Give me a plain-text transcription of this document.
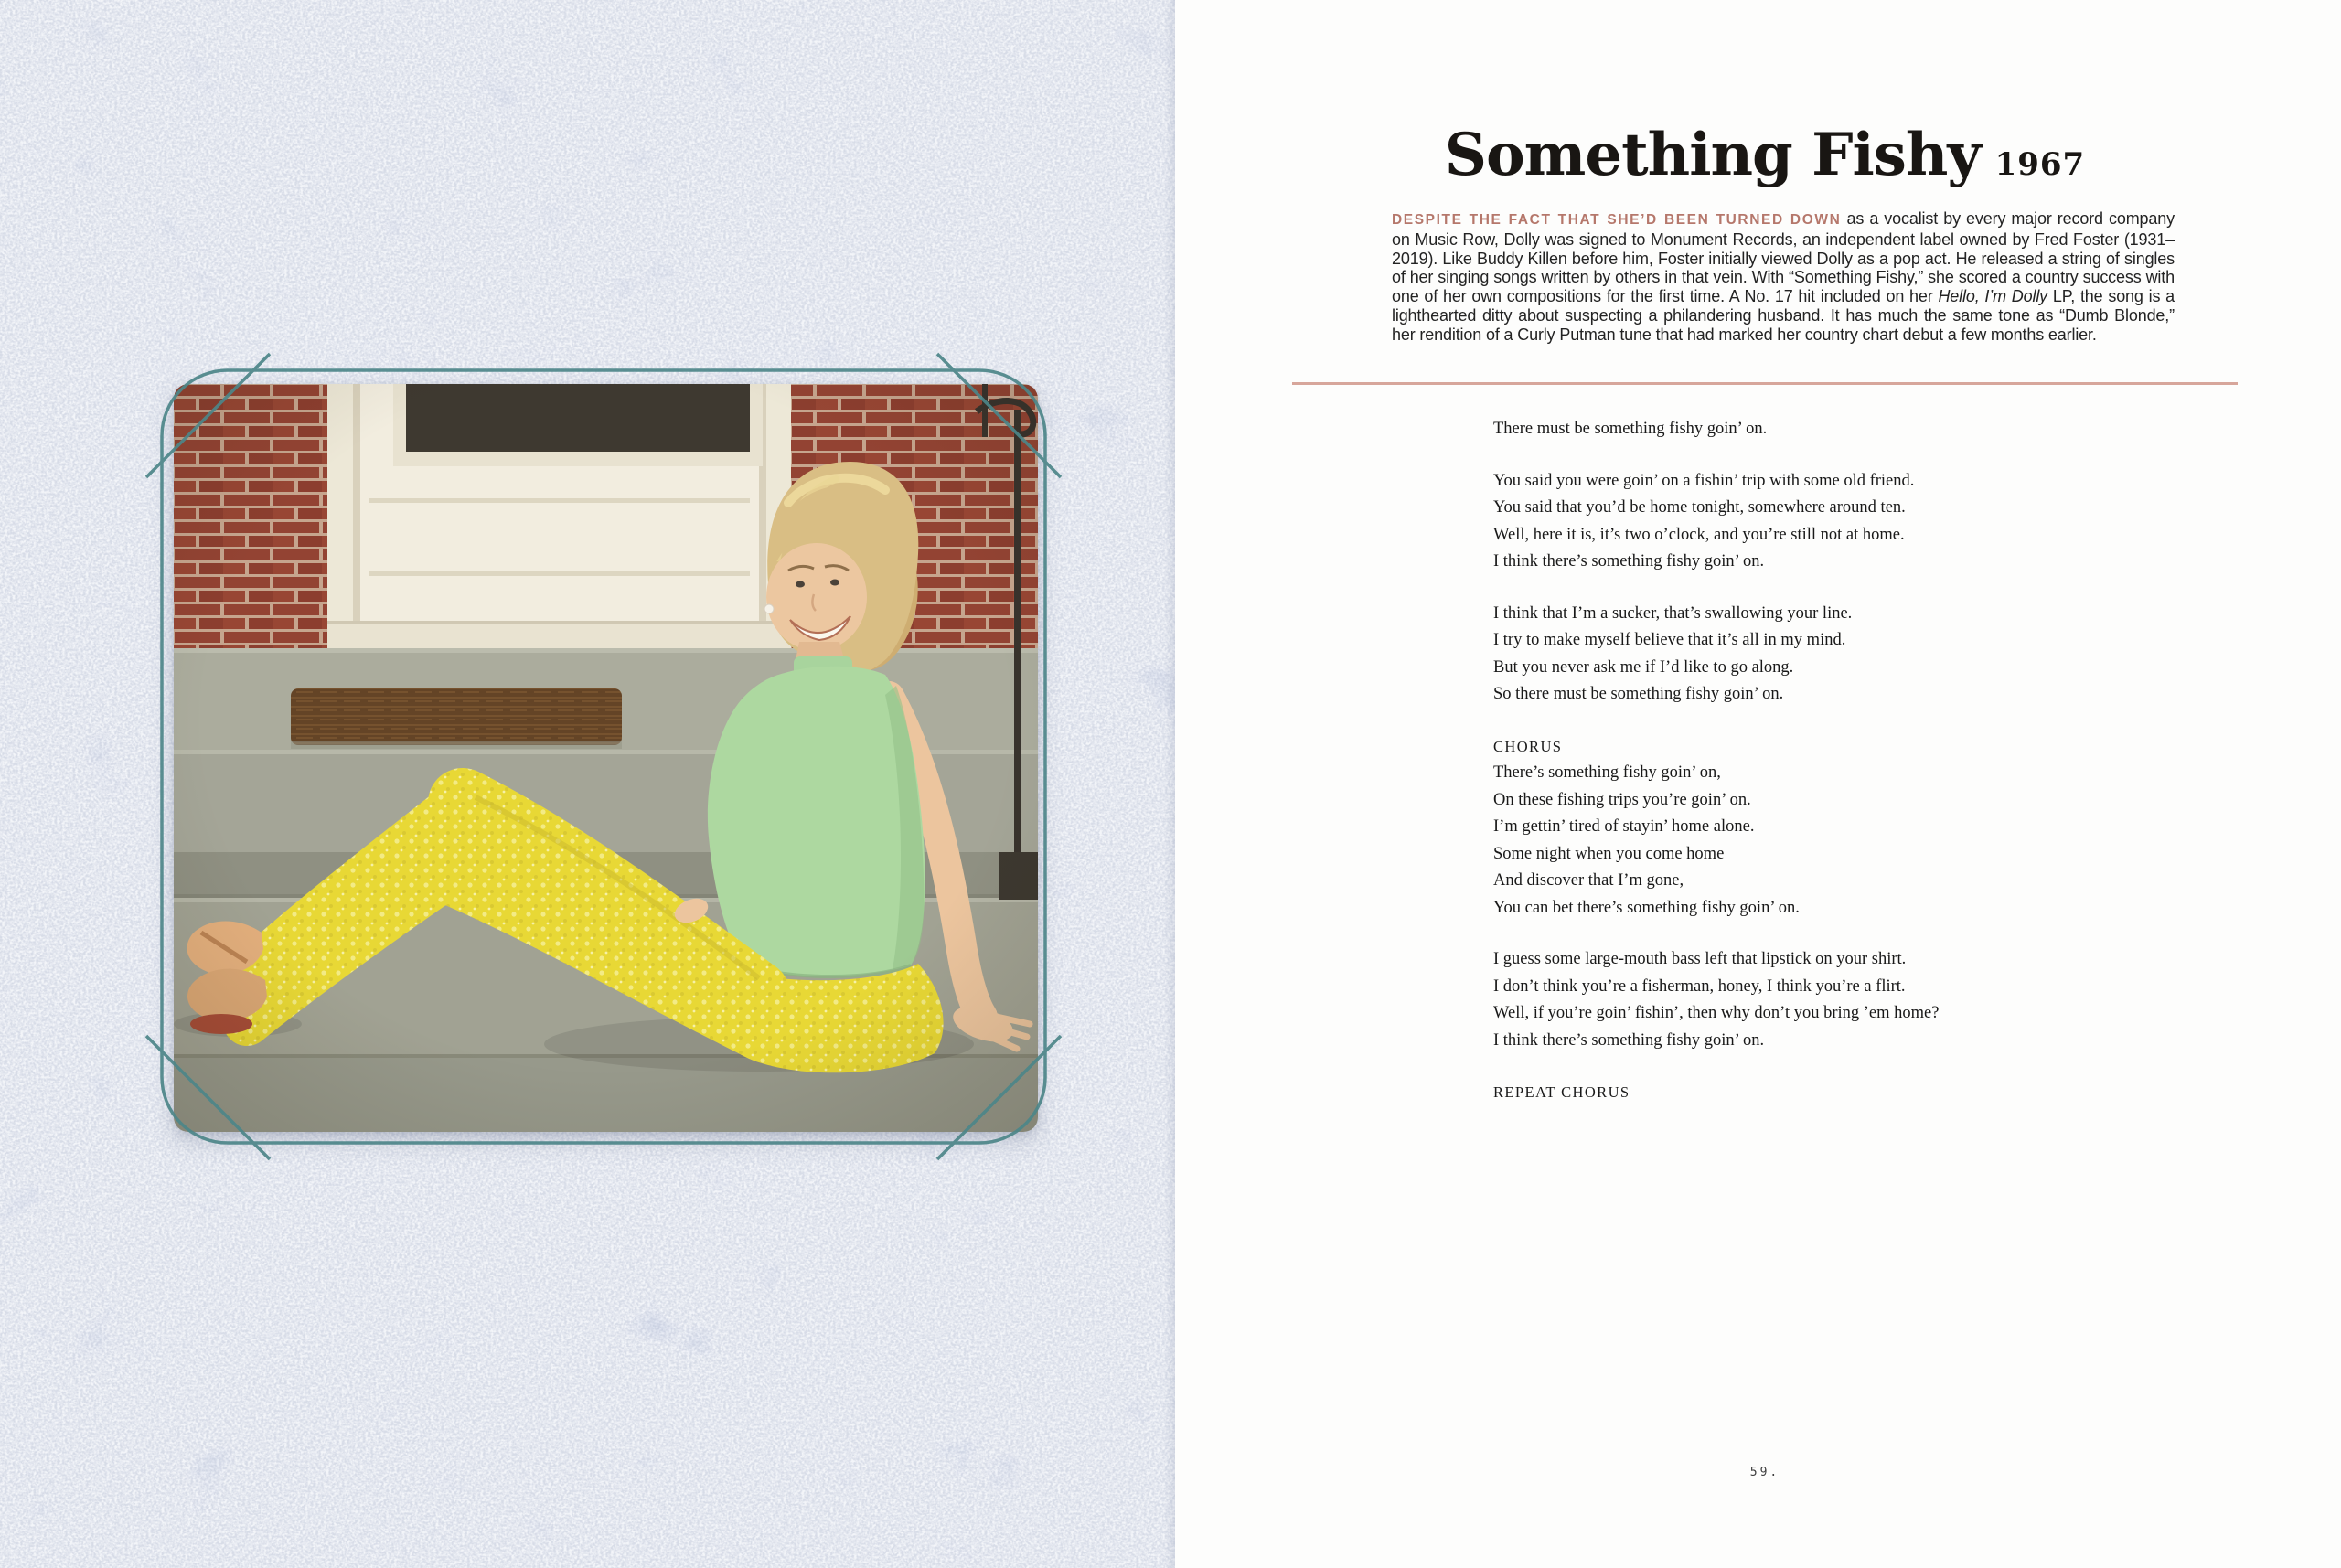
Something Fishy 1967

DESPITE THE FACT THAT SHE’D BEEN TURNED DOWN as a vocalist by every major record company on Music Row, Dolly was signed to Monument Records, an independent label owned by Fred Foster (1931–2019). Like Buddy Killen before him, Foster initially viewed Dolly as a pop act. He released a string of singles of her singing songs written by others in that vein. With “Something Fishy,” she scored a country success with one of her own compositions for the first time. A No. 17 hit included on her Hello, I’m Dolly LP, the song is a lighthearted ditty about suspecting a philandering husband. It has much the same tone as “Dumb Blonde,” her rendition of a Curly Putman tune that had marked her country chart debut a few months earlier.

There must be something fishy goin’ on.

You said you were goin’ on a fishin’ trip with some old friend.

You said that you’d be home tonight, somewhere around ten.

Well, here it is, it’s two o’clock, and you’re still not at home.

I think there’s something fishy goin’ on.

I think that I’m a sucker, that’s swallowing your line.

I try to make myself believe that it’s all in my mind.

But you never ask me if I’d like to go along.

So there must be something fishy goin’ on.

CHORUS

There’s something fishy goin’ on,

On these fishing trips you’re goin’ on.

I’m gettin’ tired of stayin’ home alone.

Some night when you come home

And discover that I’m gone,

You can bet there’s something fishy goin’ on.

I guess some large-mouth bass left that lipstick on your shirt.

I don’t think you’re a fisherman, honey, I think you’re a flirt.

Well, if you’re goin’ fishin’, then why don’t you bring ’em home?

I think there’s something fishy goin’ on.

REPEAT CHORUS

59.
